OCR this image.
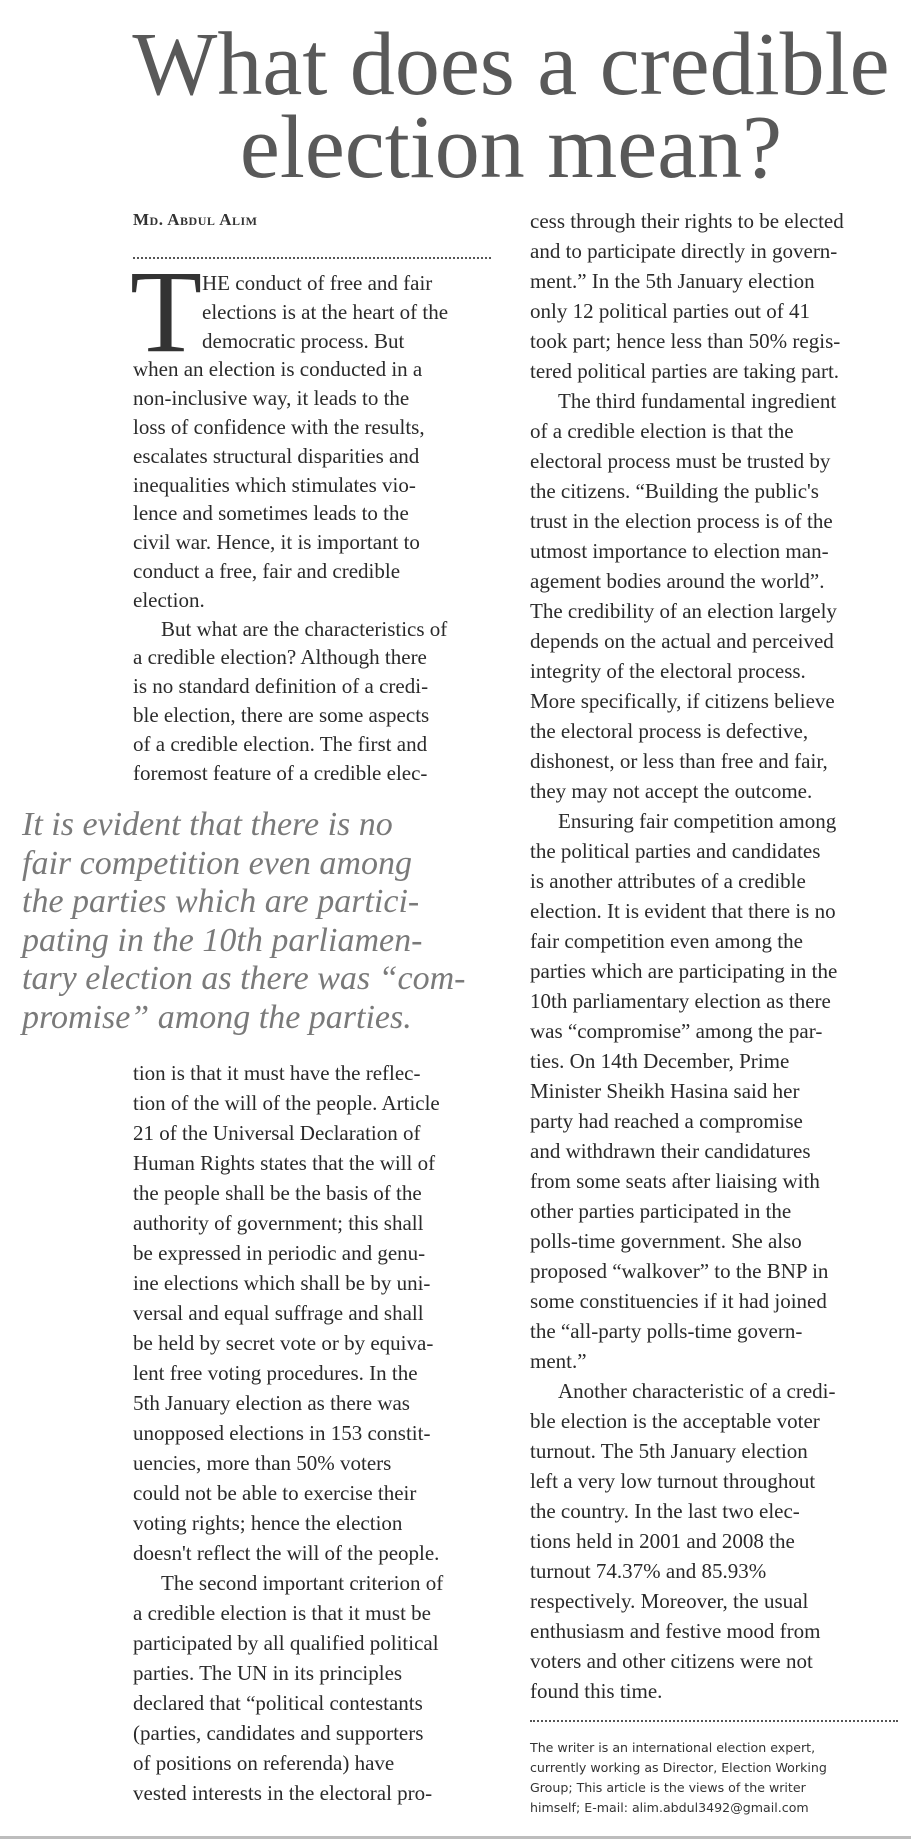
What does a credible
election mean?
Md. Abdul Alim
T HE conduct of free and fair
elections is at the heart of the
democratic process. But
when an election is conducted in a
non-inclusive way, it leads to the
loss of confidence with the results,
escalates structural disparities and
inequalities which stimulates vio-
lence and sometimes leads to the
civil war. Hence, it is important to
conduct a free, fair and credible
election.
But what are the characteristics of
a credible election? Although there
is no standard definition of a credi-
ble election, there are some aspects
of a credible election. The first and
foremost feature of a credible elec-
It is evident that there is no
fair competition even among
the parties which are partici-
pating in the 10th parliamen-
tary election as there was “com-
promise” among the parties.
tion is that it must have the reflec-
tion of the will of the people. Article
21 of the Universal Declaration of
Human Rights states that the will of
the people shall be the basis of the
authority of government; this shall
be expressed in periodic and genu-
ine elections which shall be by uni-
versal and equal suffrage and shall
be held by secret vote or by equiva-
lent free voting procedures. In the
5th January election as there was
unopposed elections in 153 constit-
uencies, more than 50% voters
could not be able to exercise their
voting rights; hence the election
doesn't reflect the will of the people.
The second important criterion of
a credible election is that it must be
participated by all qualified political
parties. The UN in its principles
declared that “political contestants
(parties, candidates and supporters
of positions on referenda) have
vested interests in the electoral pro-
cess through their rights to be elected
and to participate directly in govern-
ment.” In the 5th January election
only 12 political parties out of 41
took part; hence less than 50% regis-
tered political parties are taking part.
The third fundamental ingredient
of a credible election is that the
electoral process must be trusted by
the citizens. “Building the public's
trust in the election process is of the
utmost importance to election man-
agement bodies around the world”.
The credibility of an election largely
depends on the actual and perceived
integrity of the electoral process.
More specifically, if citizens believe
the electoral process is defective,
dishonest, or less than free and fair,
they may not accept the outcome.
Ensuring fair competition among
the political parties and candidates
is another attributes of a credible
election. It is evident that there is no
fair competition even among the
parties which are participating in the
10th parliamentary election as there
was “compromise” among the par-
ties. On 14th December, Prime
Minister Sheikh Hasina said her
party had reached a compromise
and withdrawn their candidatures
from some seats after liaising with
other parties participated in the
polls-time government. She also
proposed “walkover” to the BNP in
some constituencies if it had joined
the “all-party polls-time govern-
ment.”
Another characteristic of a credi-
ble election is the acceptable voter
turnout. The 5th January election
left a very low turnout throughout
the country. In the last two elec-
tions held in 2001 and 2008 the
turnout 74.37% and 85.93%
respectively. Moreover, the usual
enthusiasm and festive mood from
voters and other citizens were not
found this time.
The writer is an international election expert,
currently working as Director, Election Working
Group; This article is the views of the writer
himself; E-mail: alim.abdul3492@gmail.com
